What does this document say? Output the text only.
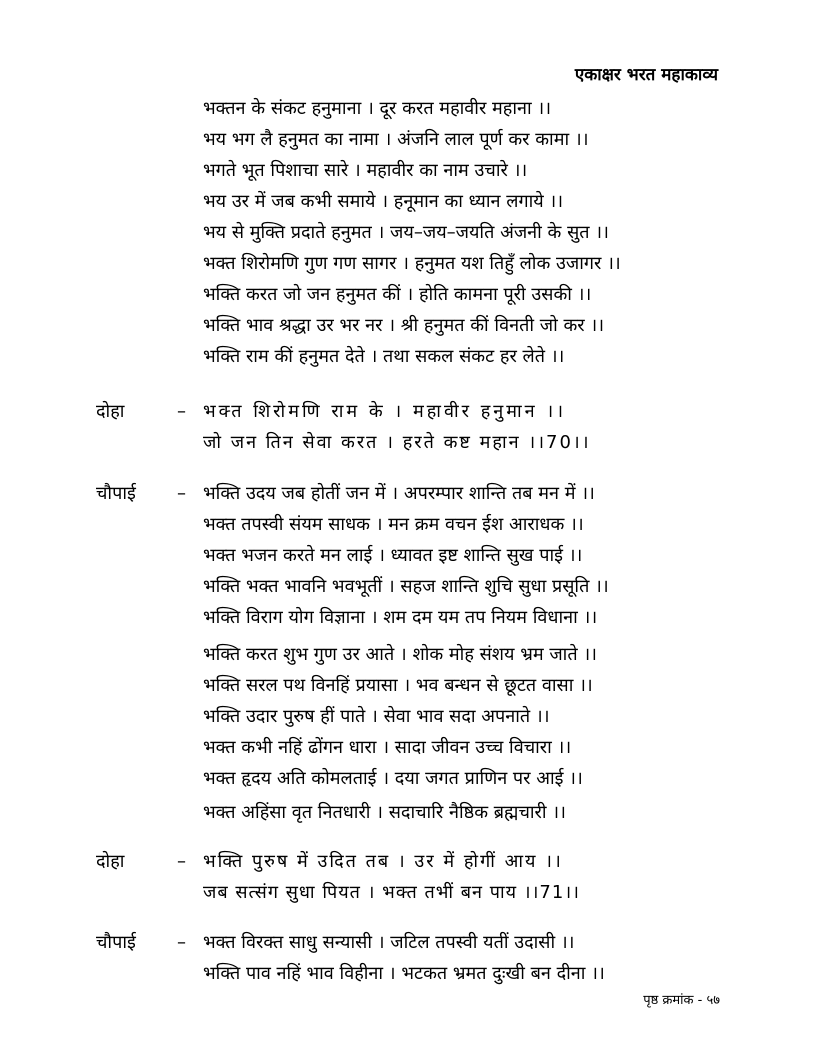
एकाक्षर भरत महाकाव्य
भक्तन के संकट हनुमाना । दूर करत महावीर महाना ।।
भय भग लै हनुमत का नामा । अंजनि लाल पूर्ण कर कामा ।।
भगते भूत पिशाचा सारे । महावीर का नाम उचारे ।।
भय उर में जब कभी समाये । हनूमान का ध्यान लगाये ।।
भय से मुक्ति प्रदाते हनुमत । जय–जय–जयति अंजनी के सुत ।।
भक्त शिरोमणि गुण गण सागर । हनुमत यश तिहुँ लोक उजागर ।।
भक्ति करत जो जन हनुमत कीं । होति कामना पूरी उसकी ।।
भक्ति भाव श्रद्धा उर भर नर । श्री हनुमत कीं विनती जो कर ।।
भक्ति राम कीं हनुमत देते । तथा सकल संकट हर लेते ।।
दोहा	– भक्त शिरोमणि राम के । महावीर हनुमान ।।
जो जन तिन सेवा करत । हरते कष्ट महान ।।70।।
चौपाई – भक्ति उदय जब होतीं जन में । अपरम्पार शान्ति तब मन में ।।
भक्त तपस्वी संयम साधक । मन क्रम वचन ईश आराधक ।।
भक्त भजन करते मन लाई । ध्यावत इष्ट शान्ति सुख पाई ।।
भक्ति भक्त भावनि भवभूतीं । सहज शान्ति शुचि सुधा प्रसूति ।।
भक्ति विराग योग विज्ञाना । शम दम यम तप नियम विधाना ।।
भक्ति करत शुभ गुण उर आते । शोक मोह संशय भ्रम जाते ।।
भक्ति सरल पथ विनहिं प्रयासा । भव बन्धन से छूटत वासा ।।
भक्ति उदार पुरुष हीं पाते । सेवा भाव सदा अपनाते ।।
भक्त कभी नहिं ढोंगन धारा । सादा जीवन उच्च विचारा ।।
भक्त हृदय अति कोमलताई । दया जगत प्राणिन पर आई ।।
भक्त अहिंसा वृत नितधारी । सदाचारि नैष्ठिक ब्रह्मचारी ।।
दोहा	– भक्ति पुरुष में उदित तब । उर में होगीं आय ।।
जब सत्संग सुधा पियत । भक्त तभीं बन पाय ।।71।।
चौपाई – भक्त विरक्त साधु सन्यासी । जटिल तपस्वी यतीं उदासी ।।
भक्ति पाव नहिं भाव विहीना । भटकत भ्रमत दुःखी बन दीना ।।
पृष्ठ क्रमांक - ५७
